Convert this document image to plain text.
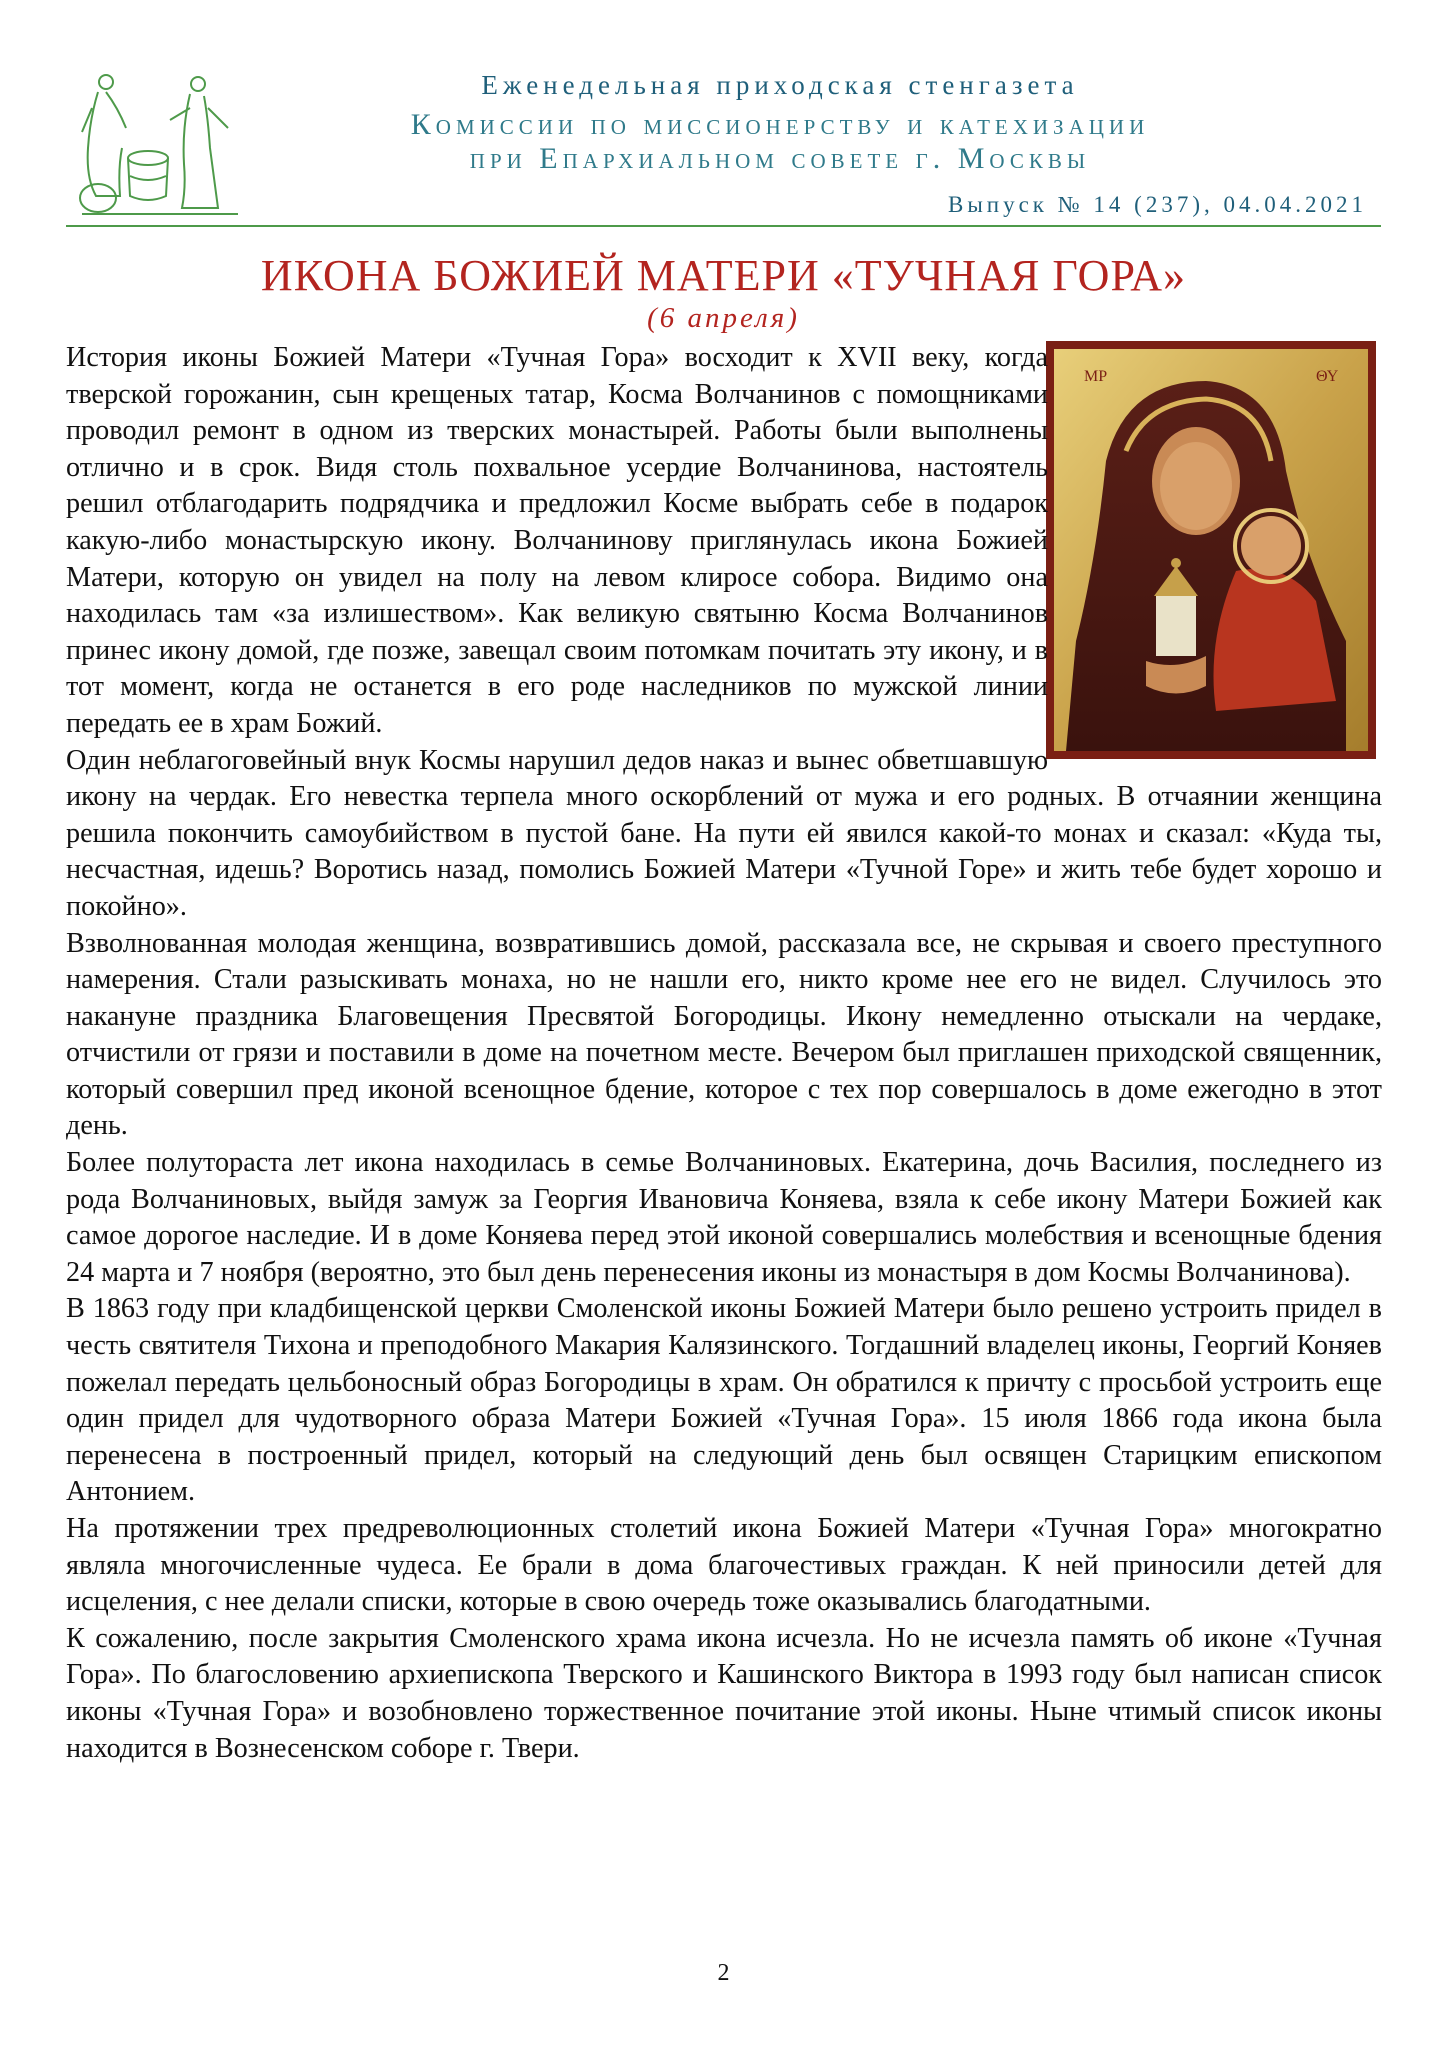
Еженедельная приходская стенгазета
Комиссии по миссионерству и катехизации
при Епархиальном совете г. Москвы
Выпуск № 14 (237), 04.04.2021
ИКОНА БОЖИЕЙ МАТЕРИ «ТУЧНАЯ ГОРА»
(6 апреля)
ΜΡ	ΘΥ

История иконы Божией Матери «Тучная Гора» восходит к XVII веку, когда тверской горожанин, сын крещеных татар, Косма Волчанинов с помощниками проводил ремонт в одном из тверских монастырей. Работы были выполнены отлично и в срок. Видя столь похвальное усердие Волчанинова, настоятель решил отблагодарить подрядчика и предложил Косме выбрать себе в подарок какую-либо монастырскую икону. Волчанинову приглянулась икона Божией Матери, которую он увидел на полу на левом клиросе собора. Видимо она находилась там «за излишеством». Как великую святыню Косма Волчанинов принес икону домой, где позже, завещал своим потомкам почитать эту икону, и в тот момент, когда не останется в его роде наследников по мужской линии передать ее в храм Божий.

Один неблагоговейный внук Космы нарушил дедов наказ и вынес обветшавшую икону на чердак. Его невестка терпела много оскорблений от мужа и его родных. В отчаянии женщина решила покончить самоубийством в пустой бане. На пути ей явился какой-то монах и сказал: «Куда ты, несчастная, идешь? Воротись назад, помолись Божией Матери «Тучной Горе» и жить тебе будет хорошо и покойно».

Взволнованная молодая женщина, возвратившись домой, рассказала все, не скрывая и своего преступного намерения. Стали разыскивать монаха, но не нашли его, никто кроме нее его не видел. Случилось это накануне праздника Благовещения Пресвятой Богородицы. Икону немедленно отыскали на чердаке, отчистили от грязи и поставили в доме на почетном месте. Вечером был приглашен приходской священник, который совершил пред иконой всенощное бдение, которое с тех пор совершалось в доме ежегодно в этот день.

Более полутораста лет икона находилась в семье Волчаниновых. Екатерина, дочь Василия, последнего из рода Волчаниновых, выйдя замуж за Георгия Ивановича Коняева, взяла к себе икону Матери Божией как самое дорогое наследие. И в доме Коняева перед этой иконой совершались молебствия и всенощные бдения 24 марта и 7 ноября (вероятно, это был день перенесения иконы из монастыря в дом Космы Волчанинова).

В 1863 году при кладбищенской церкви Смоленской иконы Божией Матери было решено устроить придел в честь святителя Тихона и преподобного Макария Калязинского. Тогдашний владелец иконы, Георгий Коняев пожелал передать цельбоносный образ Богородицы в храм. Он обратился к причту с просьбой устроить еще один придел для чудотворного образа Матери Божией «Тучная Гора». 15 июля 1866 года икона была перенесена в построенный придел, который на следующий день был освящен Старицким епископом Антонием.

На протяжении трех предреволюционных столетий икона Божией Матери «Тучная Гора» многократно являла многочисленные чудеса. Ее брали в дома благочестивых граждан. К ней приносили детей для исцеления, с нее делали списки, которые в свою очередь тоже оказывались благодатными.

К сожалению, после закрытия Смоленского храма икона исчезла. Но не исчезла память об иконе «Тучная Гора». По благословению архиепископа Тверского и Кашинского Виктора в 1993 году был написан список иконы «Тучная Гора» и возобновлено торжественное почитание этой иконы. Ныне чтимый список иконы находится в Вознесенском соборе г. Твери.

2
